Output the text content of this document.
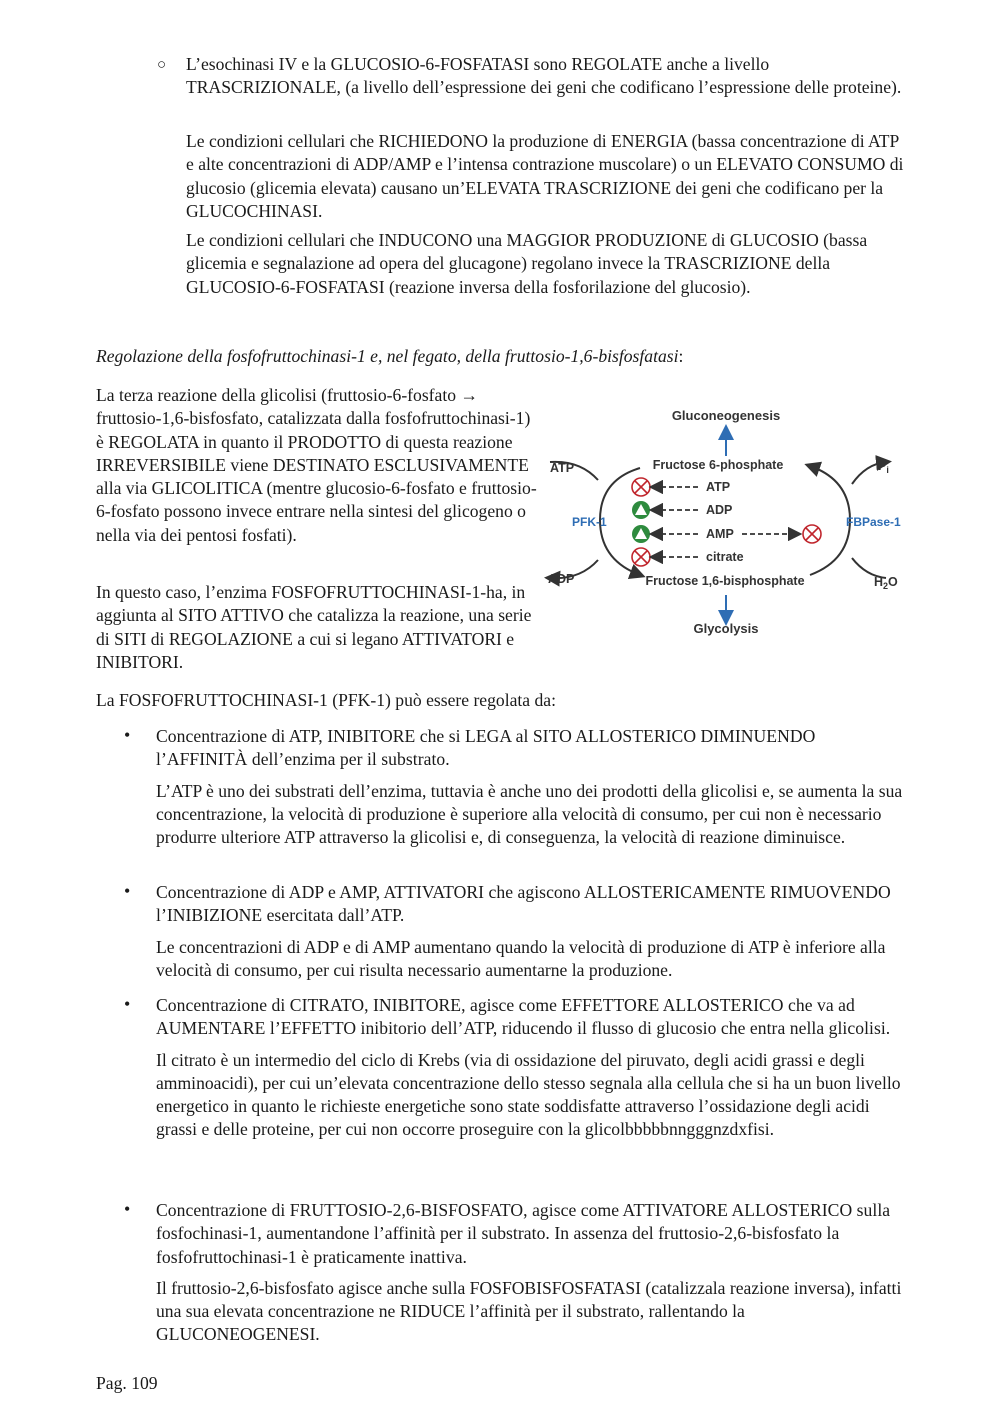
○ L’esochinasi IV e la GLUCOSIO-6-FOSFATASI sono REGOLATE anche a livello TRASCRIZIONALE, (a livello dell’espressione dei geni che codificano l’espressione delle proteine).

Le condizioni cellulari che RICHIEDONO la produzione di ENERGIA (bassa concentrazione di ATP e alte concentrazioni di ADP/AMP e l’intensa contrazione muscolare) o un ELEVATO CONSUMO di glucosio (glicemia elevata) causano un’ELEVATA TRASCRIZIONE dei geni che codificano per la GLUCOCHINASI.

Le condizioni cellulari che INDUCONO una MAGGIOR PRODUZIONE di GLUCOSIO (bassa glicemia e segnalazione ad opera del glucagone) regolano invece la TRASCRIZIONE della GLUCOSIO-6-FOSFATASI (reazione inversa della fosforilazione del glucosio).

Regolazione della fosfofruttochinasi-1 e, nel fegato, della fruttosio-1,6-bisfosfatasi:

La terza reazione della glicolisi (fruttosio-6-fosfato → fruttosio-1,6-bisfosfato, catalizzata dalla fosfofruttochinasi-1) è REGOLATA in quanto il PRODOTTO di questa reazione IRREVERSIBILE viene DESTINATO ESCLUSIVAMENTE alla via GLICOLITICA (mentre glucosio-6-fosfato e fruttosio-6-fosfato possono invece entrare nella sintesi del glicogeno o nella via dei pentosi fosfati).

In questo caso, l’enzima FOSFOFRUTTOCHINASI-1-ha, in aggiunta al SITO ATTIVO che catalizza la reazione, una serie di SITI di REGOLAZIONE a cui si legano ATTIVATORI e INIBITORI.

Gluconeogenesis
Fructose 6-phosphate
Fructose 1,6-bisphosphate
Glycolysis
ATP
ADP
PFK-1
$P_i$
$H_2O$
FBPase-1
ATP
ADP
AMP
citrate

La FOSFOFRUTTOCHINASI-1 (PFK-1) può essere regolata da:

• Concentrazione di ATP, INIBITORE che si LEGA al SITO ALLOSTERICO DIMINUENDO l’AFFINITÀ dell’enzima per il substrato.

L’ATP è uno dei substrati dell’enzima, tuttavia è anche uno dei prodotti della glicolisi e, se aumenta la sua concentrazione, la velocità di produzione è superiore alla velocità di consumo, per cui non è necessario produrre ulteriore ATP attraverso la glicolisi e, di conseguenza, la velocità di reazione diminuisce.

• Concentrazione di ADP e AMP, ATTIVATORI che agiscono ALLOSTERICAMENTE RIMUOVENDO l’INIBIZIONE esercitata dall’ATP.

Le concentrazioni di ADP e di AMP aumentano quando la velocità di produzione di ATP è inferiore alla velocità di consumo, per cui risulta necessario aumentarne la produzione.

• Concentrazione di CITRATO, INIBITORE, agisce come EFFETTORE ALLOSTERICO che va ad AUMENTARE l’EFFETTO inibitorio dell’ATP, riducendo il flusso di glucosio che entra nella glicolisi.

Il citrato è un intermedio del ciclo di Krebs (via di ossidazione del piruvato, degli acidi grassi e degli amminoacidi), per cui un’elevata concentrazione dello stesso segnala alla cellula che si ha un buon livello energetico in quanto le richieste energetiche sono state soddisfatte attraverso l’ossidazione degli acidi grassi e delle proteine, per cui non occorre proseguire con la glicolbbbbbnngggnzdxfisi.

• Concentrazione di FRUTTOSIO-2,6-BISFOSFATO, agisce come ATTIVATORE ALLOSTERICO sulla fosfochinasi-1, aumentandone l’affinità per il substrato. In assenza del fruttosio-2,6-bisfosfato la fosfofruttochinasi-1 è praticamente inattiva.

Il fruttosio-2,6-bisfosfato agisce anche sulla FOSFOBISFOSFATASI (catalizzala reazione inversa), infatti una sua elevata concentrazione ne RIDUCE l’affinità per il substrato, rallentando la GLUCONEOGENESI.

Pag. 109
